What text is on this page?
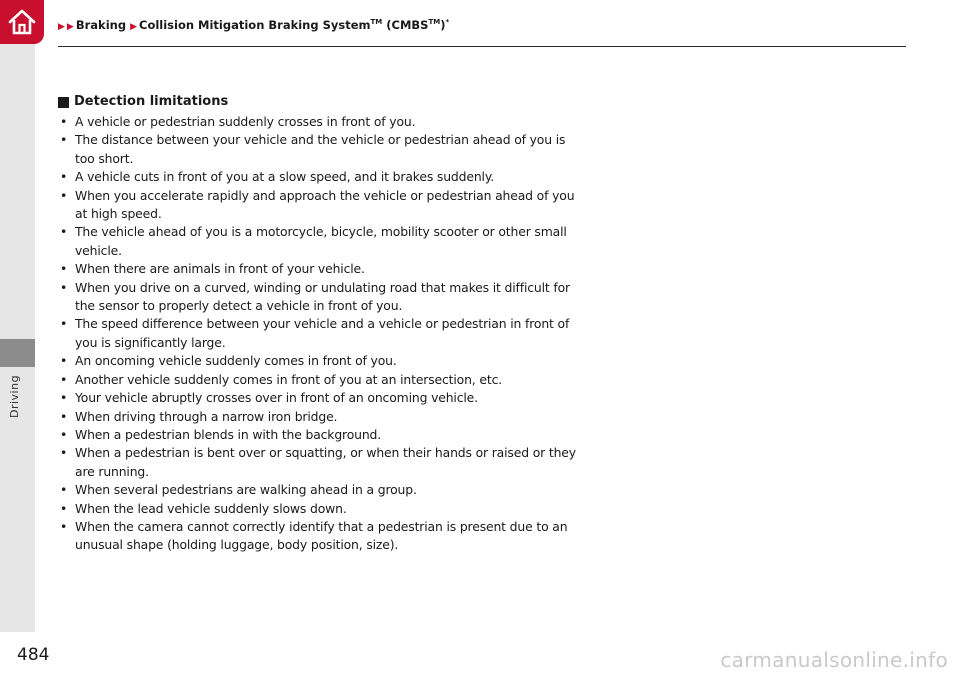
▶ ▶ Braking ▶ Collision Mitigation Braking System™ (CMBS™)*
Driving
Detection limitations
• A vehicle or pedestrian suddenly crosses in front of you.
• The distance between your vehicle and the vehicle or pedestrian ahead of you is too short.
• A vehicle cuts in front of you at a slow speed, and it brakes suddenly.
• When you accelerate rapidly and approach the vehicle or pedestrian ahead of you at high speed.
• The vehicle ahead of you is a motorcycle, bicycle, mobility scooter or other small vehicle.
• When there are animals in front of your vehicle.
• When you drive on a curved, winding or undulating road that makes it difficult for the sensor to properly detect a vehicle in front of you.
• The speed difference between your vehicle and a vehicle or pedestrian in front of you is significantly large.
• An oncoming vehicle suddenly comes in front of you.
• Another vehicle suddenly comes in front of you at an intersection, etc.
• Your vehicle abruptly crosses over in front of an oncoming vehicle.
• When driving through a narrow iron bridge.
• When a pedestrian blends in with the background.
• When a pedestrian is bent over or squatting, or when their hands or raised or they are running.
• When several pedestrians are walking ahead in a group.
• When the lead vehicle suddenly slows down.
• When the camera cannot correctly identify that a pedestrian is present due to an unusual shape (holding luggage, body position, size).
484	carmanualsonline.info
